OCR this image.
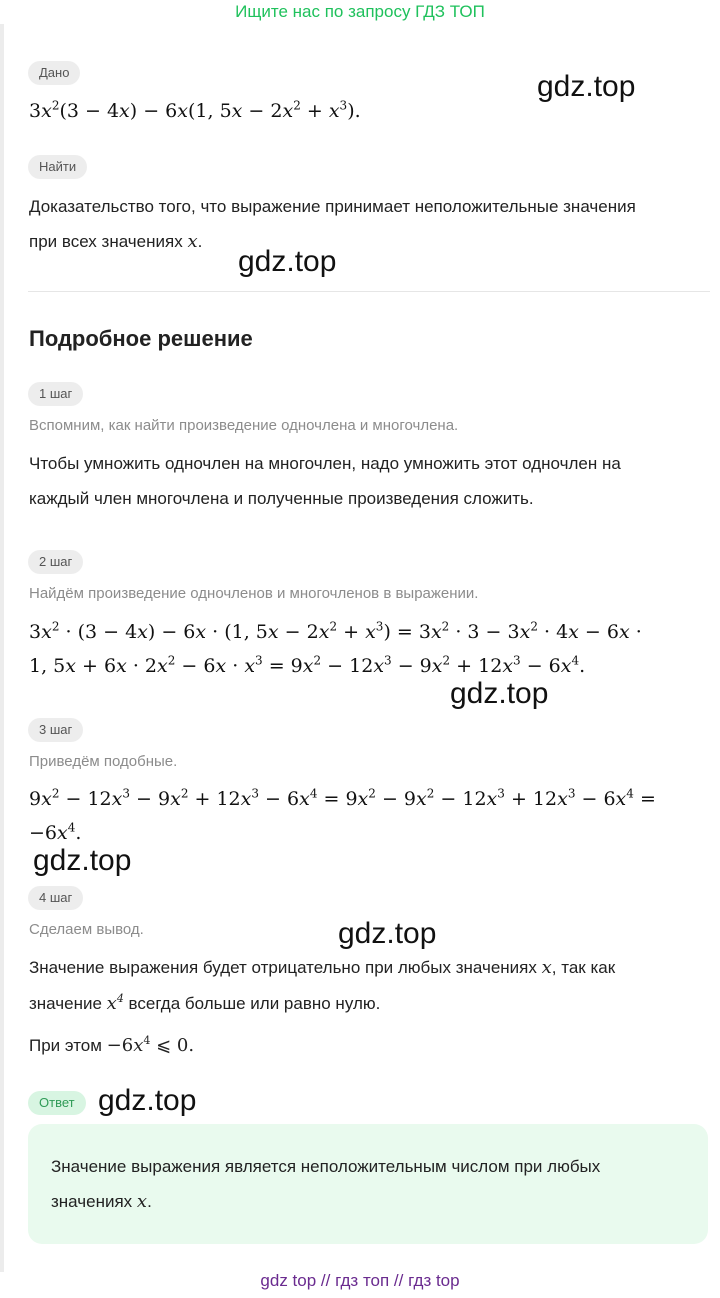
Ищите нас по запросу ГДЗ ТОП
Дано
$3x^2(3 - 4x) - 6x(1$, $5x - 2x^2 + x^3$).
Найти
Доказательство того, что выражение принимает неположительные значения
при всех значениях x.
Подробное решение
1 шаг
Вспомним, как найти произведение одночлена и многочлена.
Чтобы умножить одночлен на многочлен, надо умножить этот одночлен на
каждый член многочлена и полученные произведения сложить.
2 шаг
Найдём произведение одночленов и многочленов в выражении.
$3x^2 \cdot (3 - 4x) - 6x \cdot (1$, $5x - 2x^2 + x^3) = 3x^2 \cdot 3 - 3x^2 \cdot 4x - 6x$ ·
1, $5x + 6x \cdot 2x^2 - 6x \cdot x^3 = 9x^2 - 12x^3 - 9x^2 + 12x^3 - 6x^4$.
3 шаг
Приведём подобные.
$9x^2 - 12x^3 - 9x^2 + 12x^3 - 6x^4 = 9x^2 - 9x^2 - 12x^3 + 12x^3 - 6x^4$ =
$-6x^4$.
4 шаг
Сделаем вывод.
Значение выражения будет отрицательно при любых значениях x, так как
значение $x^4$ всегда больше или равно нулю.
При этом $-6x^4$ ⩽ 0.
Ответ
Значение выражения является неположительным числом при любых
значениях x.
gdz.top
gdz.top
gdz.top
gdz.top
gdz.top
gdz.top
gdz top // гдз топ // гдз top
